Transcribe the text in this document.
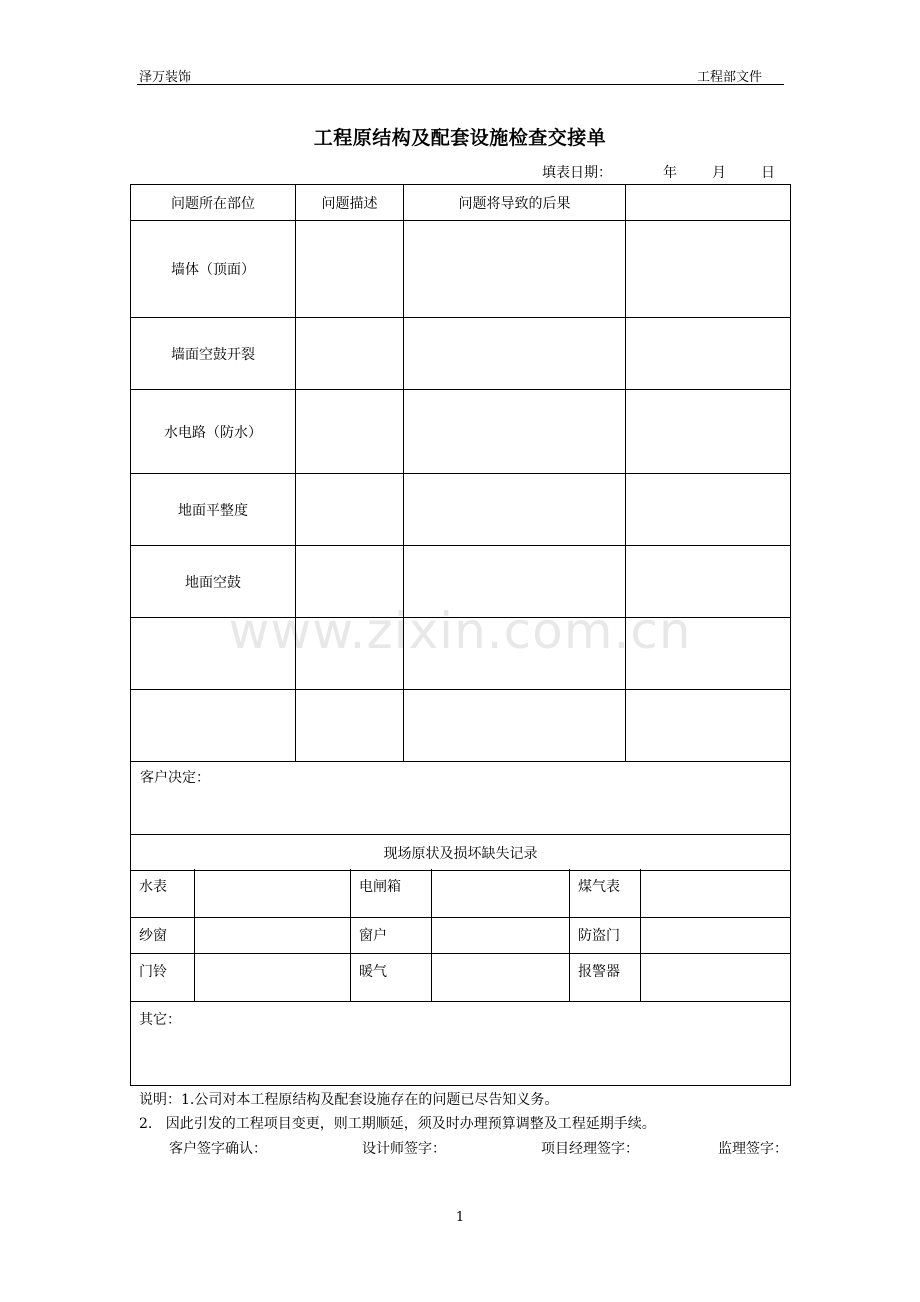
泽万装饰	工程部文件
工程原结构及配套设施检查交接单
填表日期：	年	月	日
问题所在部位	问题描述	问题将导致的后果	
墙体（顶面）			
墙面空鼓开裂			
水电路（防水）			
地面平整度			
地面空鼓			

客户决定：			
现场原状及损坏缺失记录			
水表		电闸箱		煤气表	
纱窗		窗户		防盗门	
门铃		暖气		报警器	
其它：					
说明：1.公司对本工程原结构及配套设施存在的问题已尽告知义务。
2.   因此引发的工程项目变更，则工期顺延，须及时办理预算调整及工程延期手续。
客户签字确认：	设计师签字：	项目经理签字：	监理签字：
1
www.zixin.com.cn
